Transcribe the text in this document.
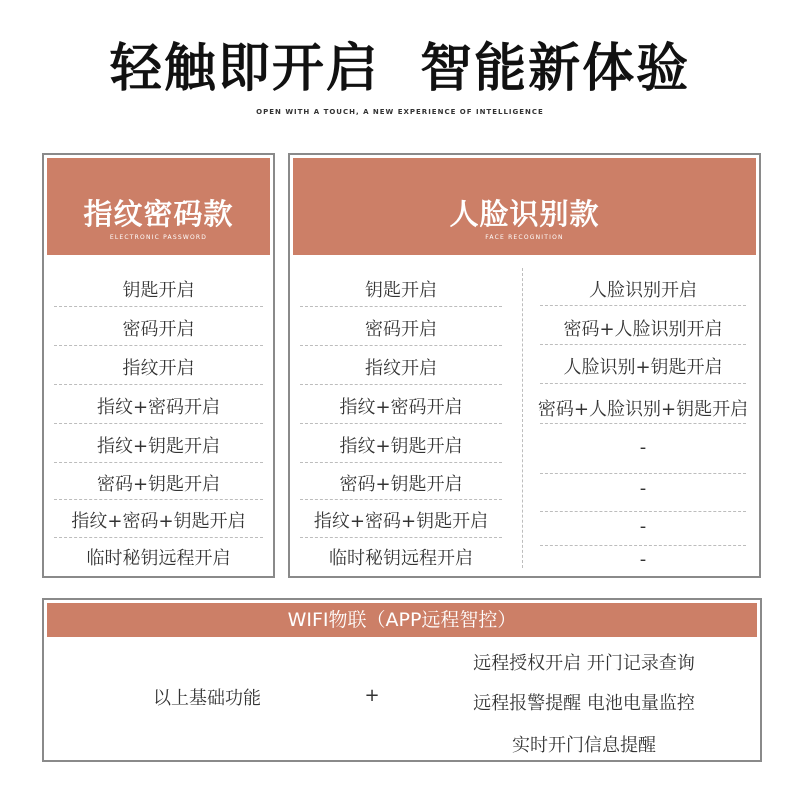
轻触即开启  智能新体验
OPEN WITH A TOUCH, A NEW EXPERIENCE OF INTELLIGENCE
指纹密码款
ELECTRONIC PASSWORD
钥匙开启
密码开启
指纹开启
指纹+密码开启
指纹+钥匙开启
密码+钥匙开启
指纹+密码+钥匙开启
临时秘钥远程开启
人脸识别款
FACE RECOGNITION
钥匙开启
密码开启
指纹开启
指纹+密码开启
指纹+钥匙开启
密码+钥匙开启
指纹+密码+钥匙开启
临时秘钥远程开启
人脸识别开启
密码+人脸识别开启
人脸识别+钥匙开启
密码+人脸识别+钥匙开启
-
-
-
-
WIFI物联（APP远程智控）
以上基础功能	+
远程授权开启 开门记录查询
远程报警提醒 电池电量监控
实时开门信息提醒
